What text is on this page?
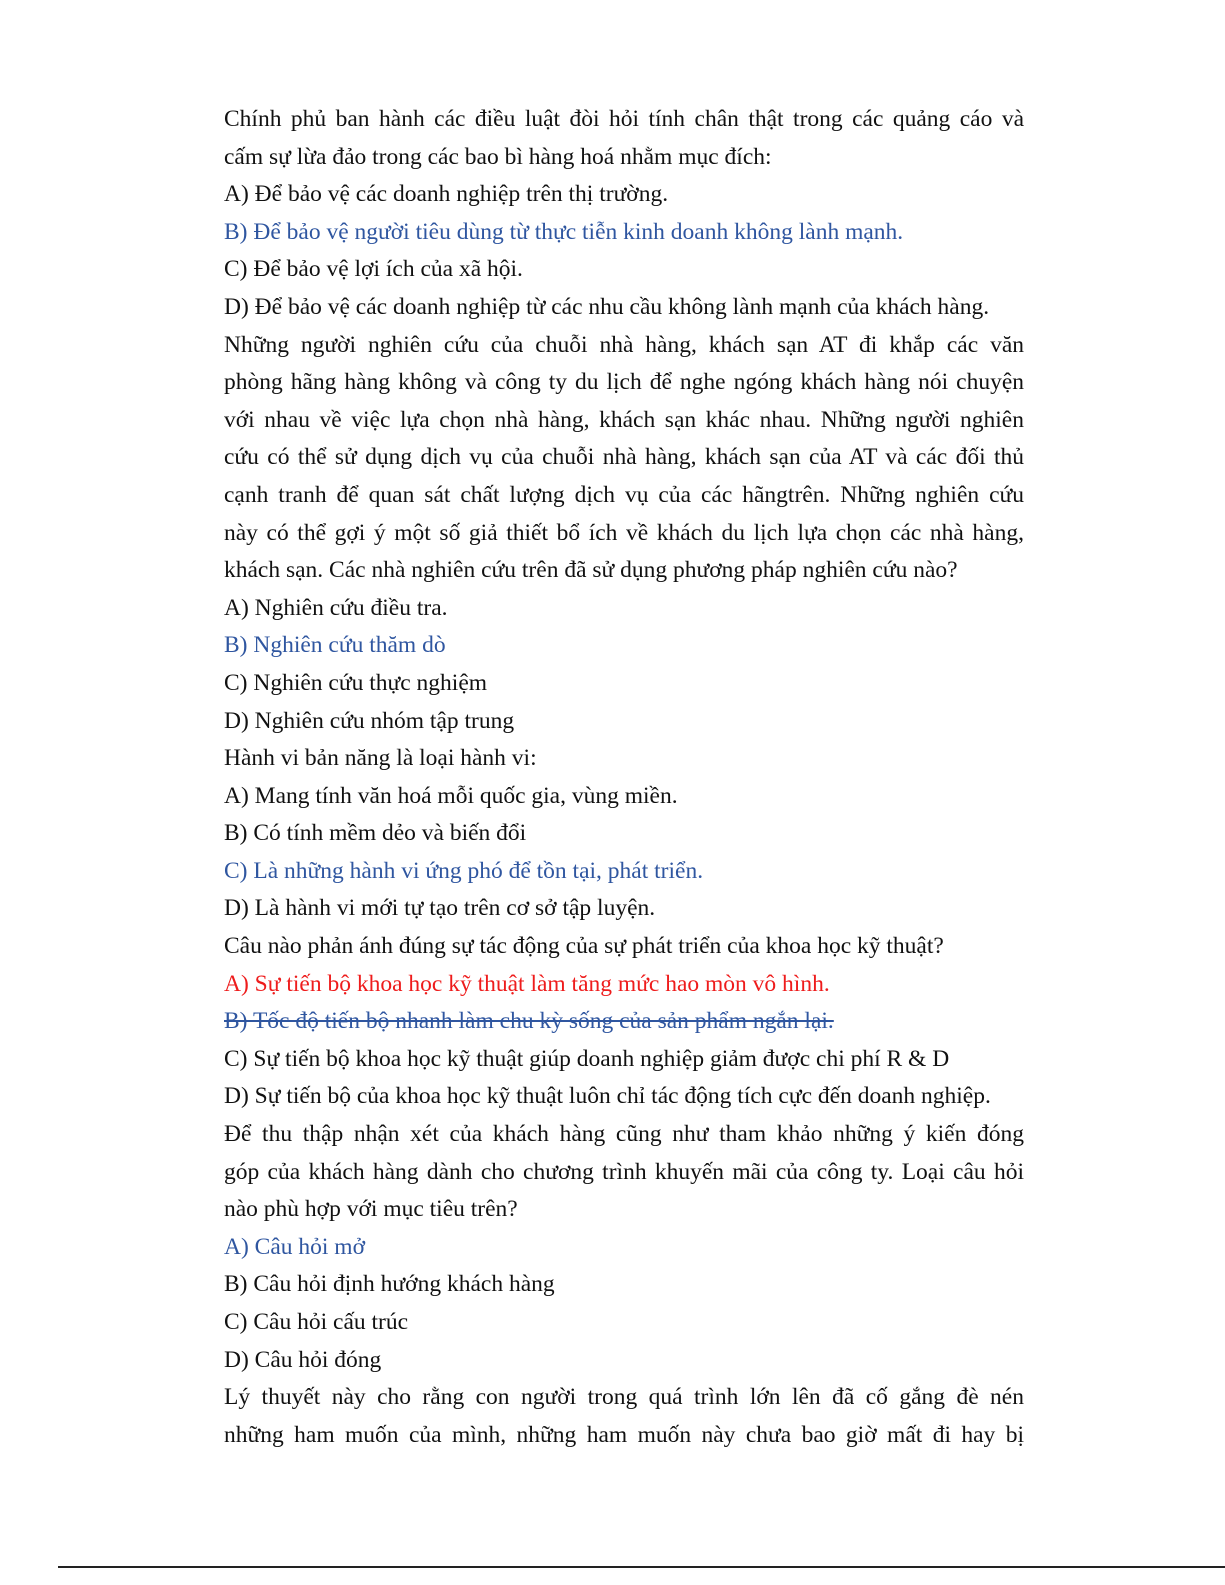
Chính phủ ban hành các điều luật đòi hỏi tính chân thật trong các quảng cáo và
cấm sự lừa đảo trong các bao bì hàng hoá nhằm mục đích:
A) Để bảo vệ các doanh nghiệp trên thị trường.
B) Để bảo vệ người tiêu dùng từ thực tiễn kinh doanh không lành mạnh.
C) Để bảo vệ lợi ích của xã hội.
D) Để bảo vệ các doanh nghiệp từ các nhu cầu không lành mạnh của khách hàng.
Những người nghiên cứu của chuỗi nhà hàng, khách sạn AT đi khắp các văn
phòng hãng hàng không và công ty du lịch để nghe ngóng khách hàng nói chuyện
với nhau về việc lựa chọn nhà hàng, khách sạn khác nhau. Những người nghiên
cứu có thể sử dụng dịch vụ của chuỗi nhà hàng, khách sạn của AT và các đối thủ
cạnh tranh để quan sát chất lượng dịch vụ của các hãngtrên. Những nghiên cứu
này có thể gợi ý một số giả thiết bổ ích về khách du lịch lựa chọn các nhà hàng,
khách sạn. Các nhà nghiên cứu trên đã sử dụng phương pháp nghiên cứu nào?
A) Nghiên cứu điều tra.
B) Nghiên cứu thăm dò
C) Nghiên cứu thực nghiệm
D) Nghiên cứu nhóm tập trung
Hành vi bản năng là loại hành vi:
A) Mang tính văn hoá mỗi quốc gia, vùng miền.
B) Có tính mềm dẻo và biến đổi
C) Là những hành vi ứng phó để tồn tại, phát triển.
D) Là hành vi mới tự tạo trên cơ sở tập luyện.
Câu nào phản ánh đúng sự tác động của sự phát triển của khoa học kỹ thuật?
A) Sự tiến bộ khoa học kỹ thuật làm tăng mức hao mòn vô hình.
B) Tốc độ tiến bộ nhanh làm chu kỳ sống của sản phẩm ngắn lại.
C) Sự tiến bộ khoa học kỹ thuật giúp doanh nghiệp giảm được chi phí R & D
D) Sự tiến bộ của khoa học kỹ thuật luôn chỉ tác động tích cực đến doanh nghiệp.
Để thu thập nhận xét của khách hàng cũng như tham khảo những ý kiến đóng
góp của khách hàng dành cho chương trình khuyến mãi của công ty. Loại câu hỏi
nào phù hợp với mục tiêu trên?
A) Câu hỏi mở
B) Câu hỏi định hướng khách hàng
C) Câu hỏi cấu trúc
D) Câu hỏi đóng
Lý thuyết này cho rằng con người trong quá trình lớn lên đã cố gắng đè nén
những ham muốn của mình, những ham muốn này chưa bao giờ mất đi hay bị
